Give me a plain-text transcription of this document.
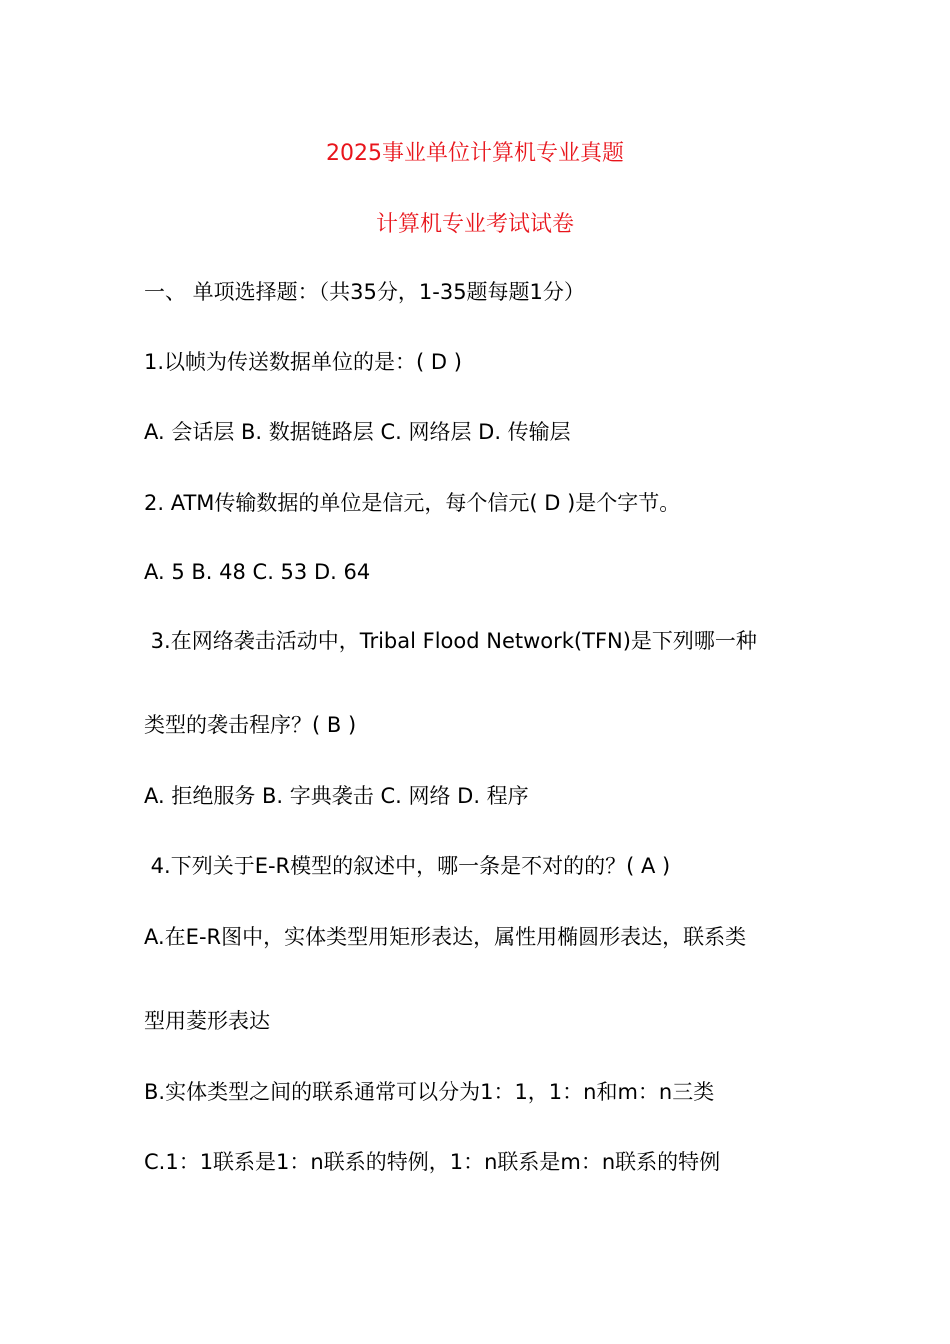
2025事业单位计算机专业真题
计算机专业考试试卷
一、 单项选择题：（共35分，1-35题每题1分）
1.以帧为传送数据单位的是：( D )
A. 会话层 B. 数据链路层 C. 网络层 D. 传输层
2. ATM传输数据的单位是信元，每个信元( D )是个字节。
A. 5 B. 48 C. 53 D. 64
3.在网络袭击活动中，Tribal Flood Network(TFN)是下列哪一种
类型的袭击程序？( B )
A. 拒绝服务 B. 字典袭击 C. 网络 D. 程序
4.下列关于E-R模型的叙述中，哪一条是不对的的？( A )
A.在E-R图中，实体类型用矩形表达，属性用椭圆形表达，联系类
型用菱形表达
B.实体类型之间的联系通常可以分为1：1，1：n和m：n三类
C.1：1联系是1：n联系的特例，1：n联系是m：n联系的特例
